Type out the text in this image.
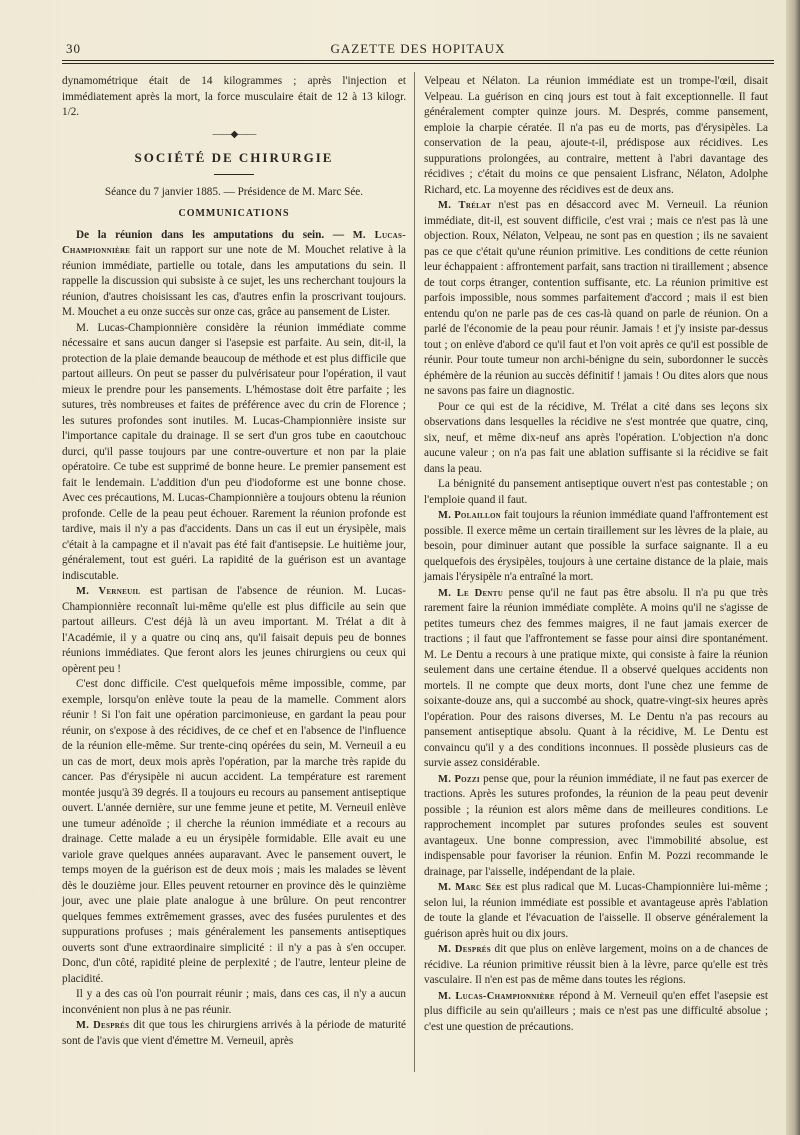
30	GAZETTE DES HOPITAUX

dynamométrique était de 14 kilogrammes ; après l'injection et immédiatement après la mort, la force musculaire était de 12 à 13 kilogr. 1/2.

——◆——
SOCIÉTÉ DE CHIRURGIE
Séance du 7 janvier 1885. — Présidence de M. Marc Sée.
COMMUNICATIONS

De la réunion dans les amputations du sein. — M. Lucas-Championnière fait un rapport sur une note de M. Mouchet relative à la réunion immédiate, partielle ou totale, dans les amputations du sein. Il rappelle la discussion qui subsiste à ce sujet, les uns recherchant toujours la réunion, d'autres choisissant les cas, d'autres enfin la proscrivant toujours. M. Mouchet a eu onze succès sur onze cas, grâce au pansement de Lister.

M. Lucas-Championnière considère la réunion immédiate comme nécessaire et sans aucun danger si l'asepsie est parfaite. Au sein, dit-il, la protection de la plaie demande beaucoup de méthode et est plus difficile que partout ailleurs. On peut se passer du pulvérisateur pour l'opération, il vaut mieux le prendre pour les pansements. L'hémostase doit être parfaite ; les sutures, très nombreuses et faites de préférence avec du crin de Florence ; les sutures profondes sont inutiles. M. Lucas-Championnière insiste sur l'importance capitale du drainage. Il se sert d'un gros tube en caoutchouc durci, qu'il passe toujours par une contre-ouverture et non par la plaie opératoire. Ce tube est supprimé de bonne heure. Le premier pansement est fait le lendemain. L'addition d'un peu d'iodoforme est une bonne chose. Avec ces précautions, M. Lucas-Championnière a toujours obtenu la réunion profonde. Celle de la peau peut échouer. Rarement la réunion profonde est tardive, mais il n'y a pas d'accidents. Dans un cas il eut un érysipèle, mais c'était à la campagne et il n'avait pas été fait d'antisepsie. Le huitième jour, généralement, tout est guéri. La rapidité de la guérison est un avantage indiscutable.

M. Verneuil est partisan de l'absence de réunion. M. Lucas-Championnière reconnaît lui-même qu'elle est plus difficile au sein que partout ailleurs. C'est déjà là un aveu important. M. Trélat a dit à l'Académie, il y a quatre ou cinq ans, qu'il faisait depuis peu de bonnes réunions immédiates. Que feront alors les jeunes chirurgiens ou ceux qui opèrent peu !

C'est donc difficile. C'est quelquefois même impossible, comme, par exemple, lorsqu'on enlève toute la peau de la mamelle. Comment alors réunir ! Si l'on fait une opération parcimonieuse, en gardant la peau pour réunir, on s'expose à des récidives, de ce chef et en l'absence de l'influence de la réunion elle-même. Sur trente-cinq opérées du sein, M. Verneuil a eu un cas de mort, deux mois après l'opération, par la marche très rapide du cancer. Pas d'érysipèle ni aucun accident. La température est rarement montée jusqu'à 39 degrés. Il a toujours eu recours au pansement antiseptique ouvert. L'année dernière, sur une femme jeune et petite, M. Verneuil enlève une tumeur adénoïde ; il cherche la réunion immédiate et a recours au drainage. Cette malade a eu un érysipèle formidable. Elle avait eu une variole grave quelques années auparavant. Avec le pansement ouvert, le temps moyen de la guérison est de deux mois ; mais les malades se lèvent dès le douzième jour. Elles peuvent retourner en province dès le quinzième jour, avec une plaie plate analogue à une brûlure. On peut rencontrer quelques femmes extrêmement grasses, avec des fusées purulentes et des suppurations profuses ; mais généralement les pansements antiseptiques ouverts sont d'une extraordinaire simplicité : il n'y a pas à s'en occuper. Donc, d'un côté, rapidité pleine de perplexité ; de l'autre, lenteur pleine de placidité.

Il y a des cas où l'on pourrait réunir ; mais, dans ces cas, il n'y a aucun inconvénient non plus à ne pas réunir.

M. Després dit que tous les chirurgiens arrivés à la période de maturité sont de l'avis que vient d'émettre M. Verneuil, après

Velpeau et Nélaton. La réunion immédiate est un trompe-l'œil, disait Velpeau. La guérison en cinq jours est tout à fait exceptionnelle. Il faut généralement compter quinze jours. M. Després, comme pansement, emploie la charpie cératée. Il n'a pas eu de morts, pas d'érysipèles. La conservation de la peau, ajoute-t-il, prédispose aux récidives. Les suppurations prolongées, au contraire, mettent à l'abri davantage des récidives ; c'était du moins ce que pensaient Lisfranc, Nélaton, Adolphe Richard, etc. La moyenne des récidives est de deux ans.

M. Trélat n'est pas en désaccord avec M. Verneuil. La réunion immédiate, dit-il, est souvent difficile, c'est vrai ; mais ce n'est pas là une objection. Roux, Nélaton, Velpeau, ne sont pas en question ; ils ne savaient pas ce que c'était qu'une réunion primitive. Les conditions de cette réunion leur échappaient : affrontement parfait, sans traction ni tiraillement ; absence de tout corps étranger, contention suffisante, etc. La réunion primitive est parfois impossible, nous sommes parfaitement d'accord ; mais il est bien entendu qu'on ne parle pas de ces cas-là quand on parle de réunion. On a parlé de l'économie de la peau pour réunir. Jamais ! et j'y insiste par-dessus tout ; on enlève d'abord ce qu'il faut et l'on voit après ce qu'il est possible de réunir. Pour toute tumeur non archi-bénigne du sein, subordonner le succès éphémère de la réunion au succès définitif ! jamais ! Ou dites alors que nous ne savons pas faire un diagnostic.

Pour ce qui est de la récidive, M. Trélat a cité dans ses leçons six observations dans lesquelles la récidive ne s'est montrée que quatre, cinq, six, neuf, et même dix-neuf ans après l'opération. L'objection n'a donc aucune valeur ; on n'a pas fait une ablation suffisante si la récidive se fait dans la peau.

La bénignité du pansement antiseptique ouvert n'est pas contestable ; on l'emploie quand il faut.

M. Polaillon fait toujours la réunion immédiate quand l'affrontement est possible. Il exerce même un certain tiraillement sur les lèvres de la plaie, au besoin, pour diminuer autant que possible la surface saignante. Il a eu quelquefois des érysipèles, toujours à une certaine distance de la plaie, mais jamais l'érysipèle n'a entraîné la mort.

M. Le Dentu pense qu'il ne faut pas être absolu. Il n'a pu que très rarement faire la réunion immédiate complète. A moins qu'il ne s'agisse de petites tumeurs chez des femmes maigres, il ne faut jamais exercer de tractions ; il faut que l'affrontement se fasse pour ainsi dire spontanément. M. Le Dentu a recours à une pratique mixte, qui consiste à faire la réunion seulement dans une certaine étendue. Il a observé quelques accidents non mortels. Il ne compte que deux morts, dont l'une chez une femme de soixante-douze ans, qui a succombé au shock, quatre-vingt-six heures après l'opération. Pour des raisons diverses, M. Le Dentu n'a pas recours au pansement antiseptique absolu. Quant à la récidive, M. Le Dentu est convaincu qu'il y a des conditions inconnues. Il possède plusieurs cas de survie assez considérable.

M. Pozzi pense que, pour la réunion immédiate, il ne faut pas exercer de tractions. Après les sutures profondes, la réunion de la peau peut devenir possible ; la réunion est alors même dans de meilleures conditions. Le rapprochement incomplet par sutures profondes seules est souvent avantageux. Une bonne compression, avec l'immobilité absolue, est indispensable pour favoriser la réunion. Enfin M. Pozzi recommande le drainage, par l'aisselle, indépendant de la plaie.

M. Marc Sée est plus radical que M. Lucas-Championnière lui-même ; selon lui, la réunion immédiate est possible et avantageuse après l'ablation de toute la glande et l'évacuation de l'aisselle. Il observe généralement la guérison après huit ou dix jours.

M. Després dit que plus on enlève largement, moins on a de chances de récidive. La réunion primitive réussit bien à la lèvre, parce qu'elle est très vasculaire. Il n'en est pas de même dans toutes les régions.

M. Lucas-Championnière répond à M. Verneuil qu'en effet l'asepsie est plus difficile au sein qu'ailleurs ; mais ce n'est pas une difficulté absolue ; c'est une question de précautions.
